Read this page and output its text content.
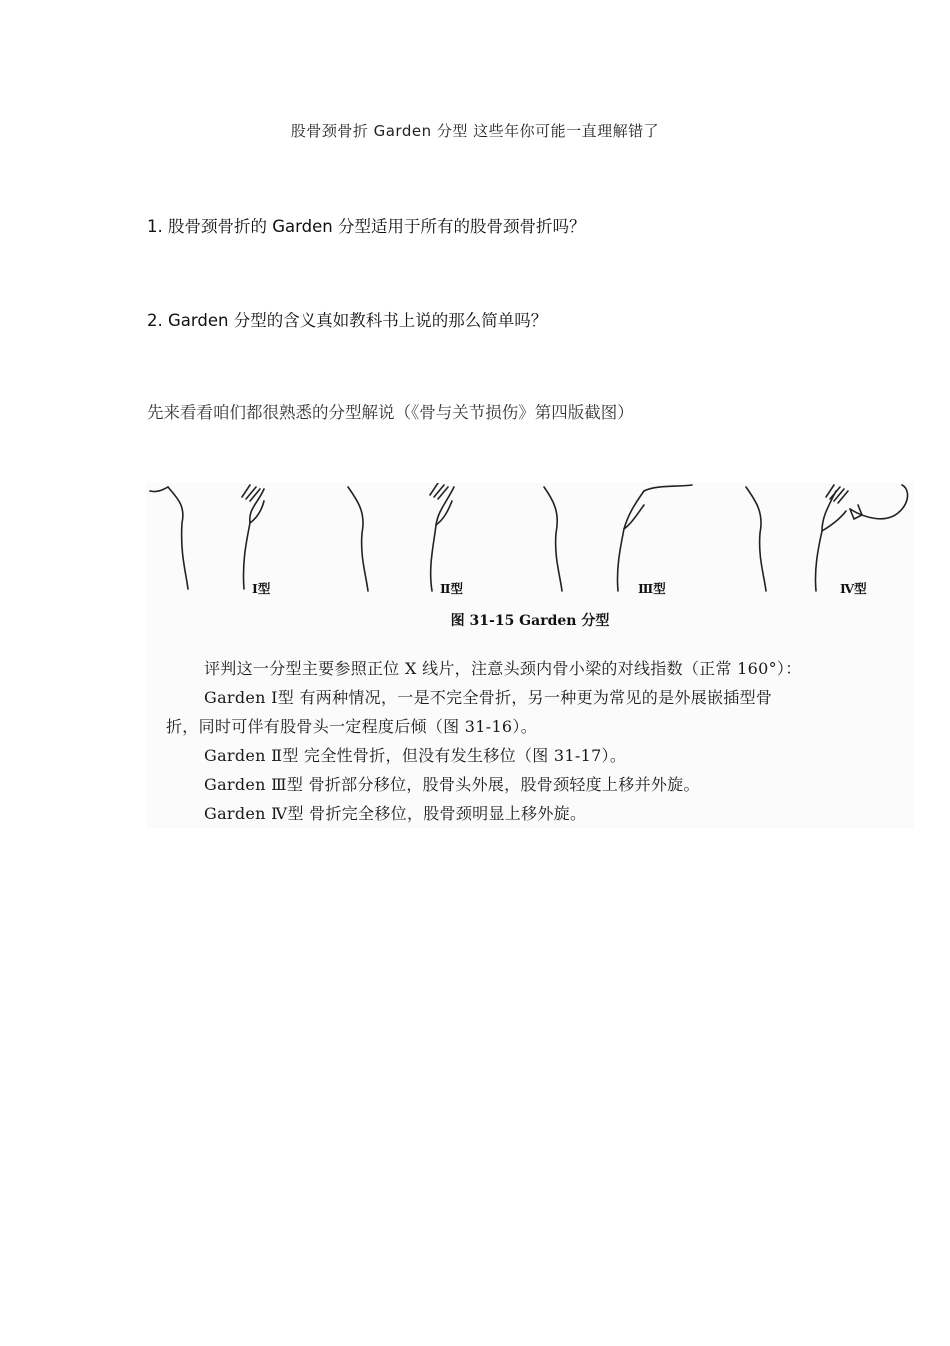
股骨颈骨折 Garden 分型 这些年你可能一直理解错了
1. 股骨颈骨折的 Garden 分型适用于所有的股骨颈骨折吗？
2. Garden 分型的含义真如教科书上说的那么简单吗？
先来看看咱们都很熟悉的分型解说（《骨与关节损伤》第四版截图）
Ⅰ型	Ⅱ型	Ⅲ型	Ⅳ型
图 31-15 Garden 分型
评判这一分型主要参照正位 X 线片，注意头颈内骨小梁的对线指数（正常 160°）：
Garden Ⅰ型 有两种情况，一是不完全骨折，另一种更为常见的是外展嵌插型骨
折，同时可伴有股骨头一定程度后倾（图 31-16）。
Garden Ⅱ型 完全性骨折，但没有发生移位（图 31-17）。
Garden Ⅲ型 骨折部分移位，股骨头外展，股骨颈轻度上移并外旋。
Garden Ⅳ型 骨折完全移位，股骨颈明显上移外旋。
